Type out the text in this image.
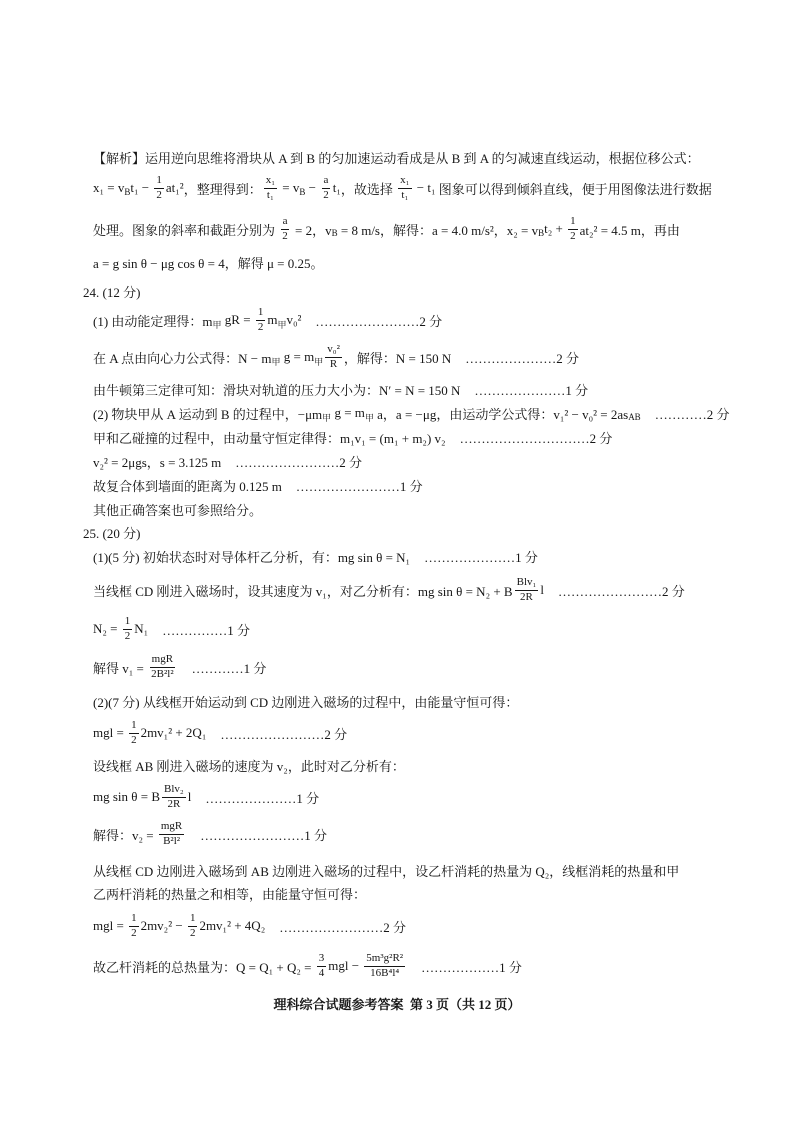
【解析】运用逆向思维将滑块从 A 到 B 的匀加速运动看成是从 B 到 A 的匀减速直线运动，根据位移公式：
x₁ = v B $t_1 - \frac{1}{2} at_1^2$ ，整理得到： $\frac{\text{x₁}}{\text{t₁}} = v$ $B - \frac{a}{2} t_1$ ，故选择 $\frac{\text{x₁}}{\text{t₁}} - t_1$ 图象可以得到倾斜直线，便于用图像法进行数据
处理。图象的斜率和截距分别为 $\frac{a}{2} = 2$，v B = 8 m/s，解得：a = 4.0 m/s²，x₂ = v B $t_2 + \frac{1}{2} at_2^2 = 4.5$ m，再由
a = g sin θ − μg cos θ = 4，解得 μ = 0.25。
24. (12 分)
(1) 由动能定理得：m 甲 gR = $\frac{1}{2}$ m 甲 v₀² ……………………2 分
在 A 点由向心力公式得：N − m 甲 g = m 甲 $\frac{\text{v₀²}}{R}$ ，解得：N = 150 N …………………2 分
由牛顿第三定律可知：滑块对轨道的压力大小为：N′ = N = 150 N …………………1 分
(2) 物块甲从 A 运动到 B 的过程中，−μm 甲 g = m 甲 a，a = −μg，由运动学公式得：v₁² − v₀² = 2as AB …………2 分
甲和乙碰撞的过程中，由动量守恒定律得：m₁v₁ = (m₁ + m₂) v₂ …………………………2 分
v₂² = 2μgs，s = 3.125 m ……………………2 分
故复合体到墙面的距离为 0.125 m ……………………1 分
其他正确答案也可参照给分。
25. (20 分)
(1)(5 分) 初始状态时对导体杆乙分析，有：mg sin θ = N₁ …………………1 分
当线框 CD 刚进入磁场时，设其速度为 v₁，对乙分析有：mg sin θ = N₂ + B $\frac{\text{Blv₁}}{2R}$ l ……………………2 分
$N_2 = \frac{1}{2} N_1$ ……………1 分
解得 $v_1 = \frac{\text{mgR}}{\text{2B²l²}}$ …………1 分
(2)(7 分) 从线框开始运动到 CD 边刚进入磁场的过程中，由能量守恒可得：
mgl = $\frac{1}{2} 2mv_1^2 + 2Q_1$ ……………………2 分
设线框 AB 刚进入磁场的速度为 v₂，此时对乙分析有：
mg sin θ = B $\frac{\text{Blv₂}}{2R}$ l …………………1 分
解得：$v_2 = \frac{\text{mgR}}{\text{B²l²}}$ ……………………1 分
从线框 CD 边刚进入磁场到 AB 边刚进入磁场的过程中，设乙杆消耗的热量为 Q₂，线框消耗的热量和甲
乙两杆消耗的热量之和相等，由能量守恒可得：
mgl = $\frac{1}{2} 2mv_2^2 - \frac{1}{2} 2mv_1^2 + 4Q_2$ ……………………2 分
故乙杆消耗的总热量为：$Q = Q_1 + Q_2 = \frac{3}{4}$ mgl − $\frac{\text{5m³g²R²}}{\text{16B⁴l⁴}}$ ………………1 分
理科综合试题参考答案  第 3 页（共 12 页）
